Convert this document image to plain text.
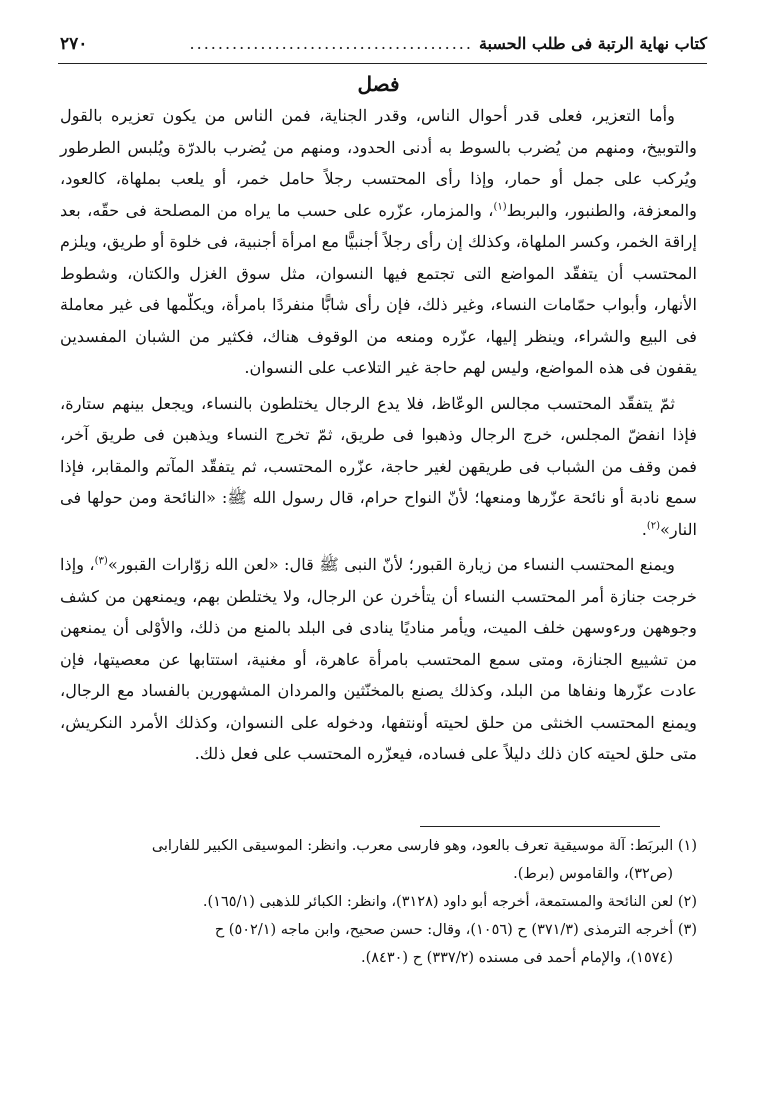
كتاب نهاية الرتبة فى طلب الحسبة
........................................
٢٧٠
فصل

وأما التعزير، فعلى قدر أحوال الناس، وقدر الجناية، فمن الناس من يكون تعزيره بالقول والتوبيخ، ومنهم من يُضرب بالسوط به أدنى الحدود، ومنهم من يُضرب بالدرّة ويُلبس الطرطور ويُركب على جمل أو حمار، وإذا رأى المحتسب رجلاً حامل خمر، أو يلعب بملهاة، كالعود، والمعزفة، والطنبور، والبربط$^{(١)}$، والمزمار، عزّره على حسب ما يراه من المصلحة فى حقّه، بعد إراقة الخمر، وكسر الملهاة، وكذلك إن رأى رجلاً أجنبيًّا مع امرأة أجنبية، فى خلوة أو طريق، ويلزم المحتسب أن يتفقّد المواضع التى تجتمع فيها النسوان، مثل سوق الغزل والكتان، وشطوط الأنهار، وأبواب حمّامات النساء، وغير ذلك، فإن رأى شابًّا منفردًا بامرأة، ويكلّمها فى غير معاملة فى البيع والشراء، وينظر إليها، عزّره ومنعه من الوقوف هناك، فكثير من الشبان المفسدين يقفون فى هذه المواضع، وليس لهم حاجة غير التلاعب على النسوان.

ثمّ يتفقّد المحتسب مجالس الوعّاظ، فلا يدع الرجال يختلطون بالنساء، ويجعل بينهم ستارة، فإذا انفضّ المجلس، خرج الرجال وذهبوا فى طريق، ثمّ تخرج النساء ويذهبن فى طريق آخر، فمن وقف من الشباب فى طريقهن لغير حاجة، عزّره المحتسب، ثم يتفقّد المآتم والمقابر، فإذا سمع نادبة أو نائحة عزّرها ومنعها؛ لأنّ النواح حرام، قال رسول الله ﷺ: «النائحة ومن حولها فى النار»$^{(٢)}$.

ويمنع المحتسب النساء من زيارة القبور؛ لأنّ النبى ﷺ قال: «لعن الله زوّارات القبور»$^{(٣)}$، وإذا خرجت جنازة أمر المحتسب النساء أن يتأخرن عن الرجال، ولا يختلطن بهم، ويمنعهن من كشف وجوههن ورءوسهن خلف الميت، ويأمر مناديًا ينادى فى البلد بالمنع من ذلك، والأوْلى أن يمنعهن من تشييع الجنازة، ومتى سمع المحتسب بامرأة عاهرة، أو مغنية، استتابها عن معصيتها، فإن عادت عزّرها ونفاها من البلد، وكذلك يصنع بالمخنّثين والمردان المشهورين بالفساد مع الرجال، ويمنع المحتسب الخنثى من حلق لحيته أونتفها، ودخوله على النسوان، وكذلك الأمرد النكريش، متى حلق لحيته كان ذلك دليلاً على فساده، فيعزّره المحتسب على فعل ذلك.

(١) البربَط: آلة موسيقية تعرف بالعود، وهو فارسى معرب. وانظر: الموسيقى الكبير للفارابى

(ص٣٢)، والقاموس (برط).

(٢) لعن النائحة والمستمعة، أخرجه أبو داود (٣١٢٨)، وانظر: الكبائر للذهبى (١٦٥/١).

(٣) أخرجه الترمذى (٣٧١/٣) ح (١٠٥٦)، وقال: حسن صحيح، وابن ماجه (٥٠٢/١) ح

(١٥٧٤)، والإمام أحمد فى مسنده (٣٣٧/٢) ح (٨٤٣٠).
